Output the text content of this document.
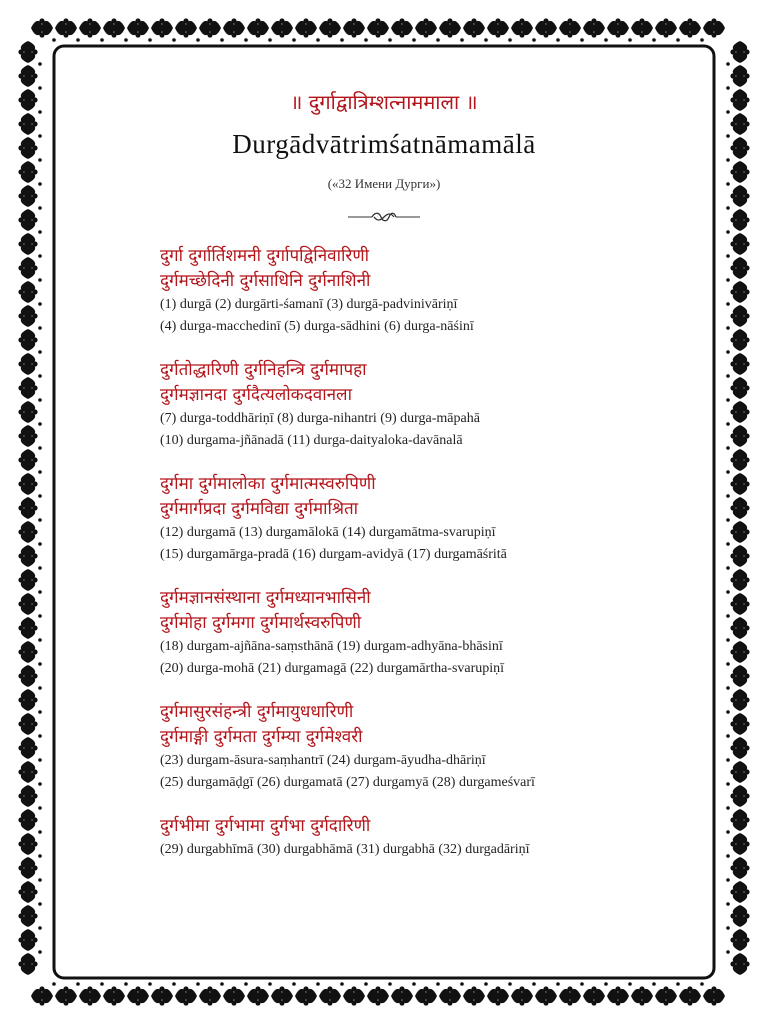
॥ दुर्गाद्वात्रिम्शत्नाममाला ॥
Durgādvātrimśatnāmamālā
(«32 Имени Дурги»)
दुर्गा दुर्गार्तिशमनी दुर्गापद्विनिवारिणी
दुर्गमच्छेदिनी दुर्गसाधिनि दुर्गनाशिनी
(1) durgā (2) durgārti-śamanī (3) durgā-padvinivāriṇī
(4) durga-macchedinī (5) durga-sādhini (6) durga-nāśinī
दुर्गतोद्धारिणी दुर्गनिहन्त्रि दुर्गमापहा
दुर्गमज्ञानदा दुर्गदैत्यलोकदवानला
(7) durga-toddhāriṇī (8) durga-nihantri (9) durga-māpahā
(10) durgama-jñānadā (11) durga-daityaloka-davānalā
दुर्गमा दुर्गमालोका दुर्गमात्मस्वरुपिणी
दुर्गमार्गप्रदा दुर्गमविद्या दुर्गमाश्रिता
(12) durgamā (13) durgamālokā (14) durgamātma-svarupiṇī
(15) durgamārga-pradā (16) durgam-avidyā (17) durgamāśritā
दुर्गमज्ञानसंस्थाना दुर्गमध्यानभासिनी
दुर्गमोहा दुर्गमगा दुर्गमार्थस्वरुपिणी
(18) durgam-ajñāna-saṃsthānā (19) durgam-adhyāna-bhāsinī
(20) durga-mohā (21) durgamagā (22) durgamārtha-svarupiṇī
दुर्गमासुरसंहन्त्री दुर्गमायुधधारिणी
दुर्गमाङ्गी दुर्गमता दुर्गम्या दुर्गमेश्वरी
(23) durgam-āsura-saṃhantrī (24) durgam-āyudha-dhāriṇī
(25) durgamāḍgī (26) durgamatā (27) durgamyā (28) durgameśvarī
दुर्गभीमा दुर्गभामा दुर्गभा दुर्गदारिणी
(29) durgabhīmā (30) durgabhāmā (31) durgabhā (32) durgadāriṇī
